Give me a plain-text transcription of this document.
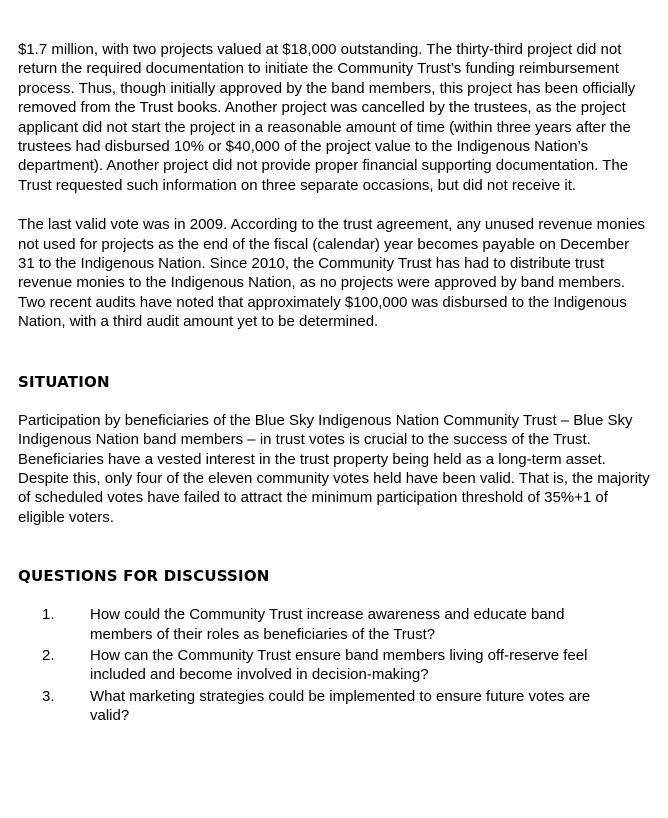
$1.7 million, with two projects valued at $18,000 outstanding. The thirty-third project did not return the required documentation to initiate the Community Trust’s funding reimbursement process. Thus, though initially approved by the band members, this project has been officially removed from the Trust books. Another project was cancelled by the trustees, as the project applicant did not start the project in a reasonable amount of time (within three years after the trustees had disbursed 10% or $40,000 of the project value to the Indigenous Nation’s department). Another project did not provide proper financial supporting documentation. The Trust requested such information on three separate occasions, but did not receive it.

The last valid vote was in 2009. According to the trust agreement, any unused revenue monies not used for projects as the end of the fiscal (calendar) year becomes payable on December 31 to the Indigenous Nation. Since 2010, the Community Trust has had to distribute trust revenue monies to the Indigenous Nation, as no projects were approved by band members. Two recent audits have noted that approximately $100,000 was disbursed to the Indigenous Nation, with a third audit amount yet to be determined.

SITUATION

Participation by beneficiaries of the Blue Sky Indigenous Nation Community Trust – Blue Sky Indigenous Nation band members – in trust votes is crucial to the success of the Trust. Beneficiaries have a vested interest in the trust property being held as a long-term asset. Despite this, only four of the eleven community votes held have been valid. That is, the majority of scheduled votes have failed to attract the minimum participation threshold of 35%+1 of eligible voters.

QUESTIONS FOR DISCUSSION
1.	How could the Community Trust increase awareness and educate band members of their roles as beneficiaries of the Trust?
2.	How can the Community Trust ensure band members living off-reserve feel included and become involved in decision-making?
3.	What marketing strategies could be implemented to ensure future votes are valid?
